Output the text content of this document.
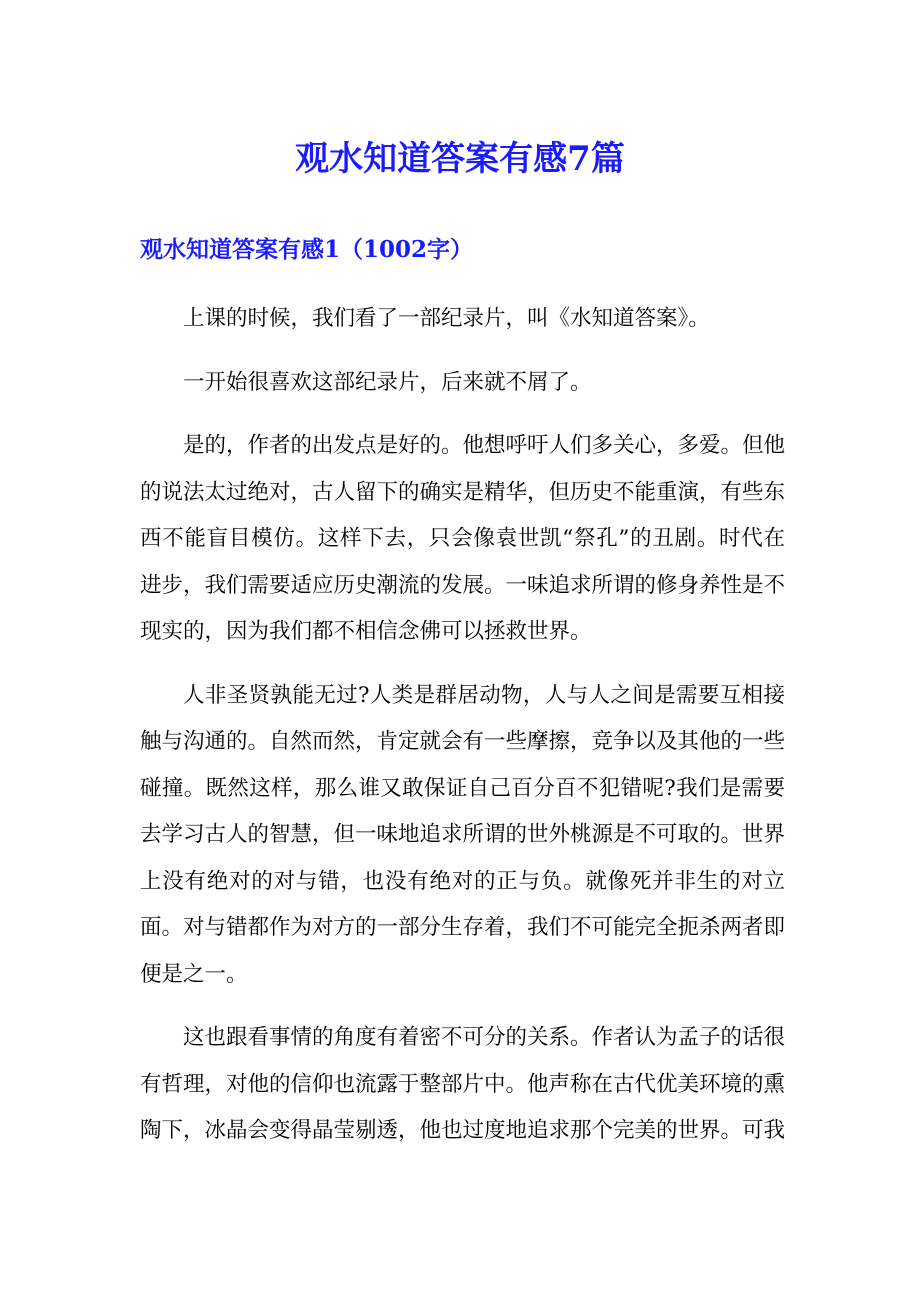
观水知道答案有感7篇
观水知道答案有感1（1002字）

上课的时候，我们看了一部纪录片，叫《水知道答案》。

一开始很喜欢这部纪录片，后来就不屑了。

是的，作者的出发点是好的。他想呼吁人们多关心，多爱。但他的说法太过绝对，古人留下的确实是精华，但历史不能重演，有些东西不能盲目模仿。这样下去，只会像袁世凯“祭孔”的丑剧。时代在进步，我们需要适应历史潮流的发展。一味追求所谓的修身养性是不现实的，因为我们都不相信念佛可以拯救世界。

人非圣贤孰能无过?人类是群居动物，人与人之间是需要互相接触与沟通的。自然而然，肯定就会有一些摩擦，竞争以及其他的一些碰撞。既然这样，那么谁又敢保证自己百分百不犯错呢?我们是需要去学习古人的智慧，但一味地追求所谓的世外桃源是不可取的。世界上没有绝对的对与错，也没有绝对的正与负。就像死并非生的对立面。对与错都作为对方的一部分生存着，我们不可能完全扼杀两者即便是之一。

这也跟看事情的角度有着密不可分的关系。作者认为孟子的话很有哲理，对他的信仰也流露于整部片中。他声称在古代优美环境的熏陶下，冰晶会变得晶莹剔透，他也过度地追求那个完美的世界。可我
